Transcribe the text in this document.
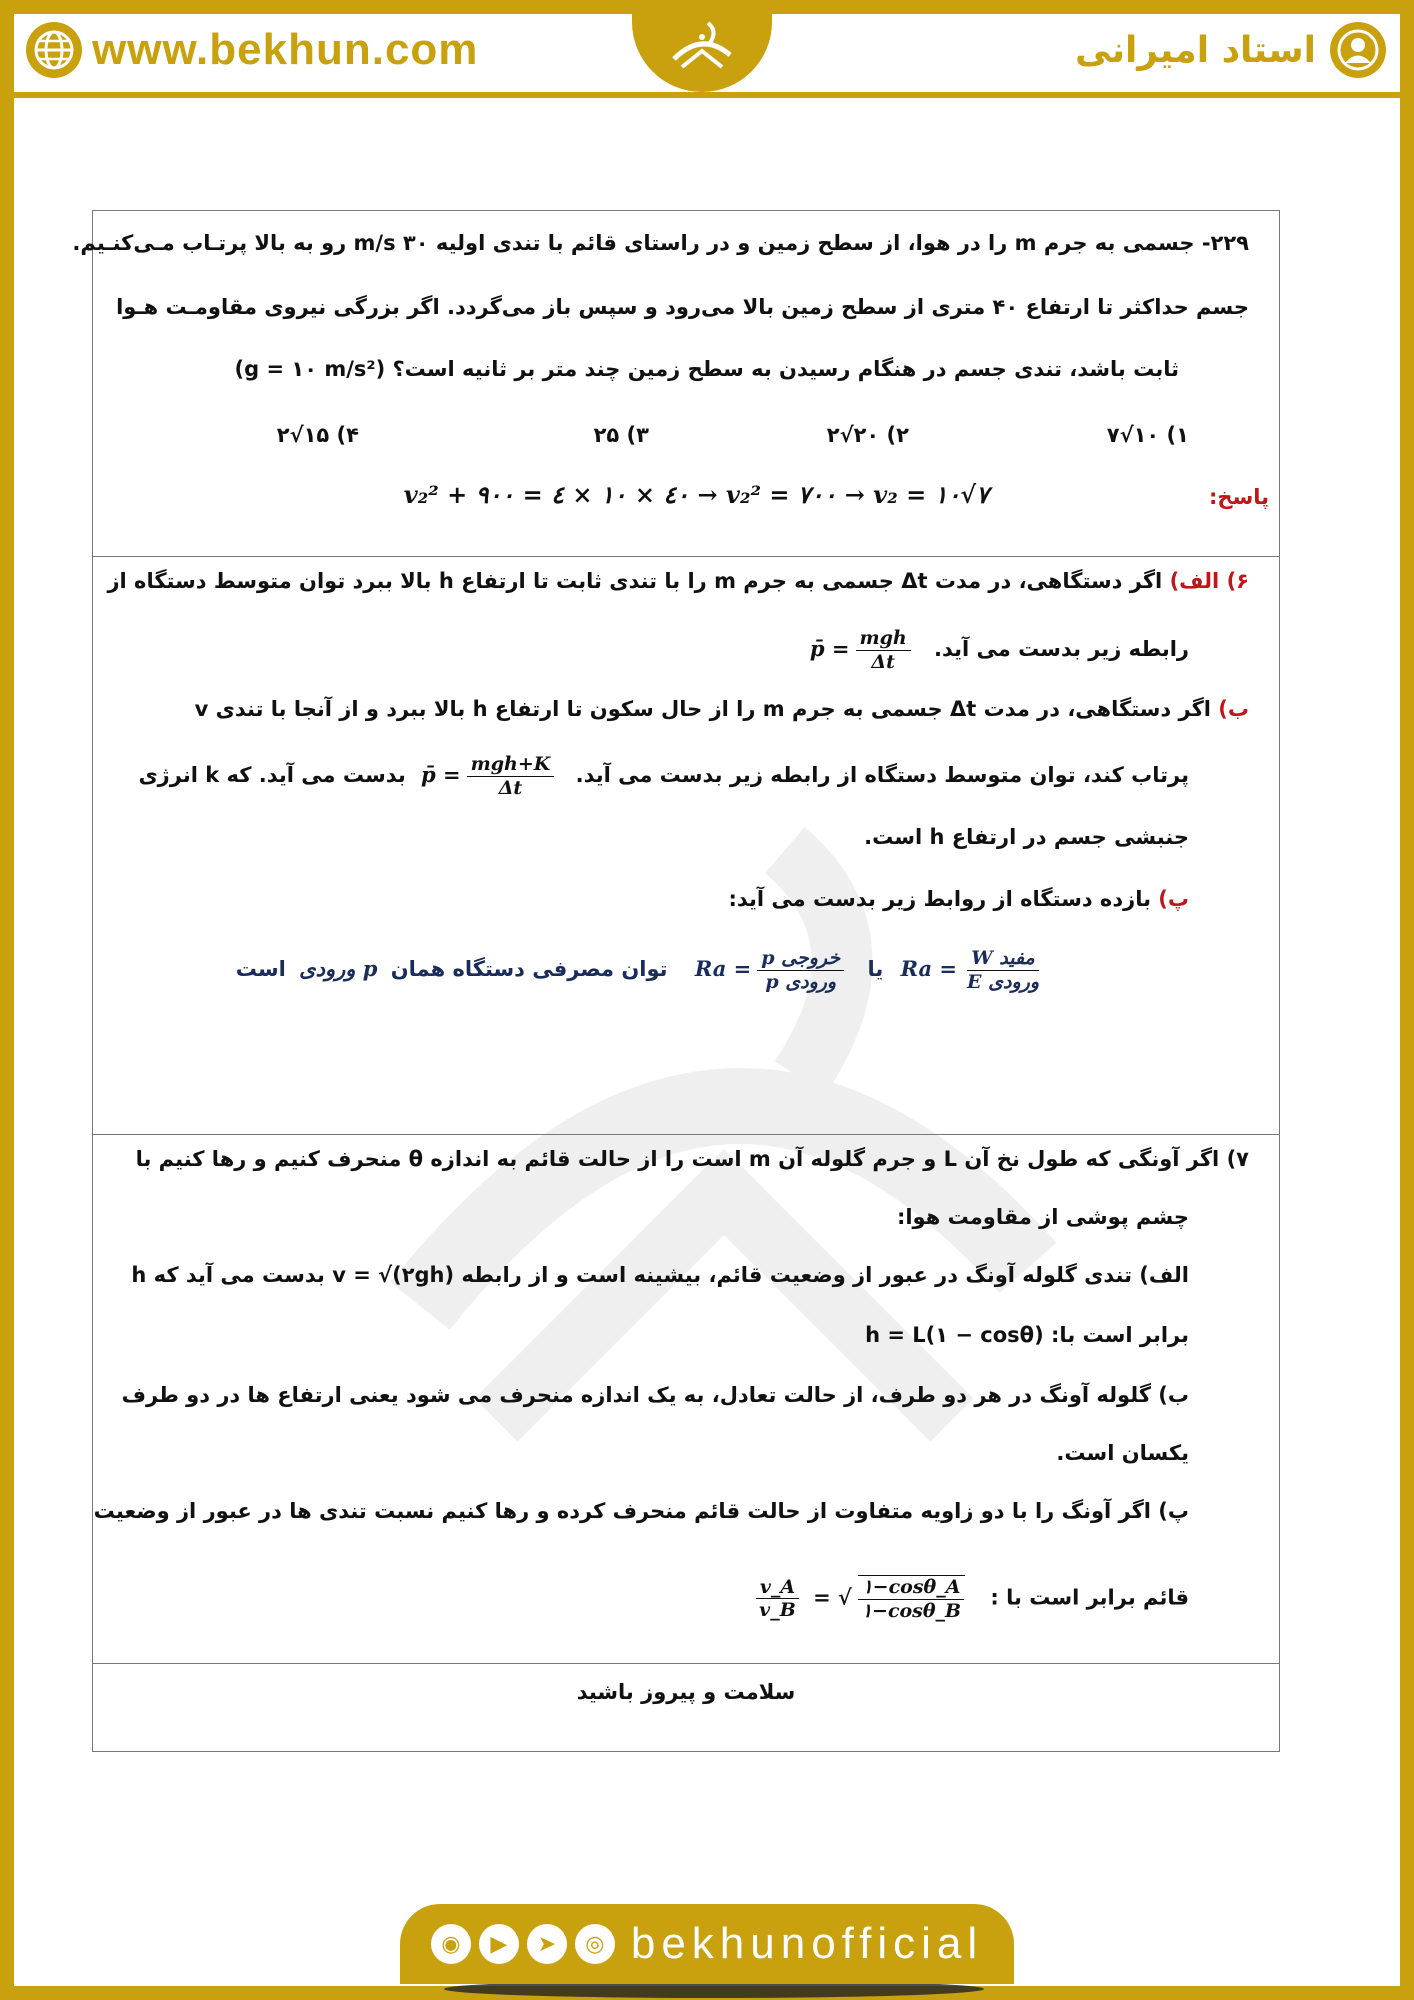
www.bekhun.com	استاد امیرانی
۲۲۹- جسمی به جرم m را در هوا، از سطح زمین و در راستای قائم با تندی اولیه ۳۰ m/s رو به بالا پرتـاب مـی‌کنـیم.
جسم حداکثر تا ارتفاع ۴۰ متری از سطح زمین بالا می‌رود و سپس باز می‌گردد. اگر بزرگی نیروی مقاومـت هـوا
ثابت باشد، تندی جسم در هنگام رسیدن به سطح زمین چند متر بر ثانیه است؟ (g = ۱۰ m/s²)
۱) ۱۰√۷
۲) ۲۰√۲
۳) ۲۵
۴) ۱۵√۲
پاسخ:
v₂² + ۹۰۰ = ٤ × ۱۰ × ٤۰ → v₂² = ۷۰۰ → v₂ = ۱۰√۷
۶) الف) اگر دستگاهی، در مدت Δt جسمی به جرم m را با تندی ثابت تا ارتفاع h بالا ببرد توان متوسط دستگاه از
رابطه زیر بدست می آید. p̄ = $\frac{\text{mgh}}{\Delta t}$
ب) اگر دستگاهی، در مدت Δt جسمی به جرم m را از حال سکون تا ارتفاع h بالا ببرد و از آنجا با تندی v
پرتاب کند، توان متوسط دستگاه از رابطه زیر بدست می آید. p̄ = $\frac{\text{mgh+K}}{\Delta t}$
بدست می آید. که k انرژی
جنبشی جسم در ارتفاع h است.
پ) بازده دستگاه از روابط زیر بدست می آید:
$Ra = \frac{\text{W مفید}}{\text{E ورودی}}$
یا $Ra = \frac{\text{p خروجی}}{\text{p ورودی}}$
توان مصرفی دستگاه همان p ورودی است
۷) اگر آونگی که طول نخ آن L و جرم گلوله آن m است را از حالت قائم به اندازه θ منحرف کنیم و رها کنیم با
چشم پوشی از مقاومت هوا:
الف) تندی گلوله آونگ در عبور از وضعیت قائم، بیشینه است و از رابطه v = √(۲gh) بدست می آید که h
برابر است با: h = L(۱ − cosθ)
ب) گلوله آونگ در هر دو طرف، از حالت تعادل، به یک اندازه منحرف می شود یعنی ارتفاع ها در دو طرف
یکسان است.
پ) اگر آونگ را با دو زاویه متفاوت از حالت قائم منحرف کرده و رها کنیم نسبت تندی ها در عبور از وضعیت
قائم برابر است با :
$\frac{v\_A}{v\_B}$ = √ $\frac{۱-\cos\theta\_A}{۱-\cos\theta\_B}$
سلامت و پیروز باشید
◉	▶	➤	◎ bekhunofficial
